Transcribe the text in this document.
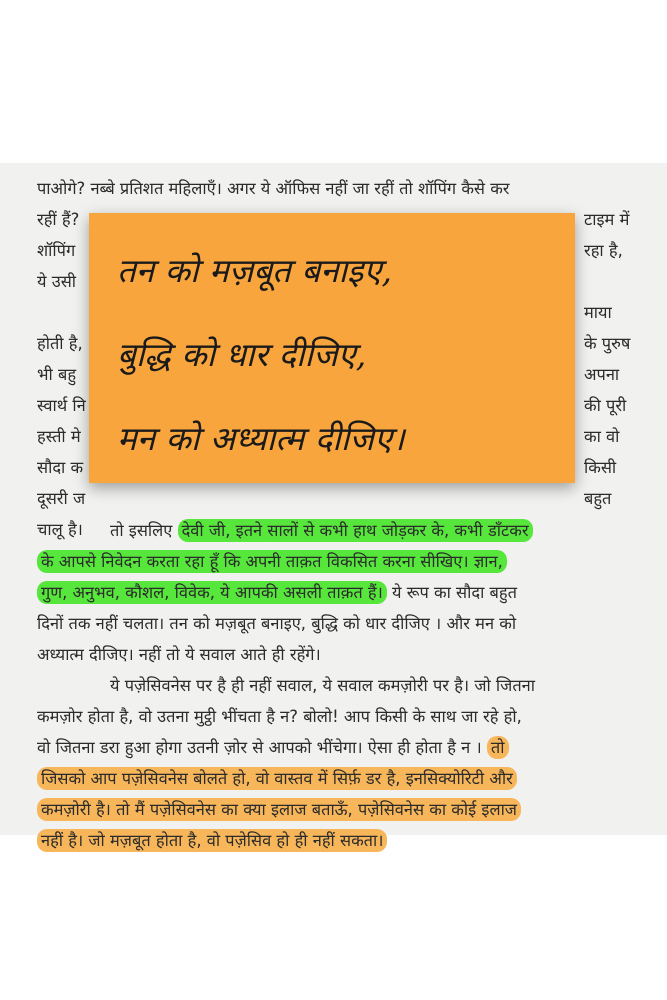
पाओगे? नब्बे प्रतिशत महिलाएँ। अगर ये ऑफिस नहीं जा रहीं तो शॉपिंग कैसे कर

रहीं हैं?

शॉपिंग

ये उसी

होती है,

भी बहु

स्वार्थ नि

हस्ती मे

सौदा क

दूसरी ज

चालू है।

टाइम में

रहा है,

माया

के पुरुष

अपना

की पूरी

का वो

किसी

बहुत

तो इसलिए देवी जी, इतने सालों से कभी हाथ जोड़कर के, कभी डाँटकर

के आपसे निवेदन करता रहा हूँ कि अपनी ताक़त विकसित करना सीखिए। ज्ञान,

गुण, अनुभव, कौशल, विवेक, ये आपकी असली ताक़त हैं। ये रूप का सौदा बहुत

दिनों तक नहीं चलता। तन को मज़बूत बनाइए, बुद्धि को धार दीजिए । और मन को

अध्यात्म दीजिए। नहीं तो ये सवाल आते ही रहेंगे।

ये पज़ेसिवनेस पर है ही नहीं सवाल, ये सवाल कमज़ोरी पर है। जो जितना

कमज़ोर होता है, वो उतना मुट्ठी भींचता है न? बोलो! आप किसी के साथ जा रहे हो,

वो जितना डरा हुआ होगा उतनी ज़ोर से आपको भींचेगा। ऐसा ही होता है न । तो

जिसको आप पज़ेसिवनेस बोलते हो, वो वास्तव में सिर्फ़ डर है, इनसिक्योरिटी और

कमज़ोरी है। तो मैं पज़ेसिवनेस का क्या इलाज बताऊँ, पज़ेसिवनेस का कोई इलाज

नहीं है। जो मज़बूत होता है, वो पज़ेसिव हो ही नहीं सकता।

तन को मज़बूत बनाइए,
बुद्धि को धार दीजिए,
मन को अध्यात्म दीजिए।
